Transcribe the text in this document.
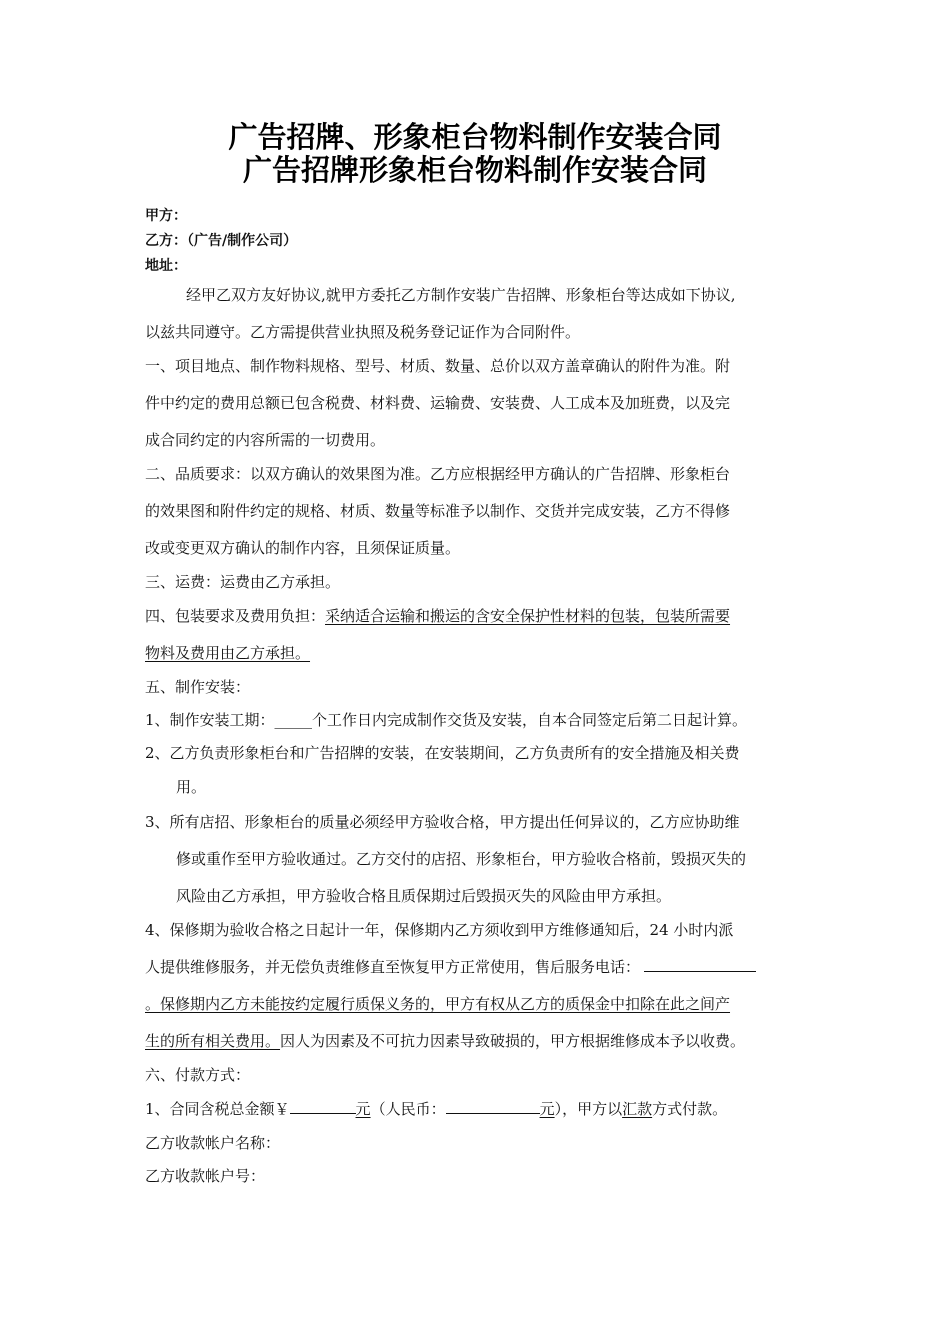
广告招牌、形象柜台物料制作安装合同
广告招牌形象柜台物料制作安装合同
甲方：
乙方：（广告/制作公司）
地址：
经甲乙双方友好协议,就甲方委托乙方制作安装广告招牌、形象柜台等达成如下协议,
以兹共同遵守。乙方需提供营业执照及税务登记证作为合同附件。
一、项目地点、制作物料规格、型号、材质、数量、总价以双方盖章确认的附件为准。附
件中约定的费用总额已包含税费、材料费、运输费、安装费、人工成本及加班费，以及完
成合同约定的内容所需的一切费用。
二、品质要求：以双方确认的效果图为准。乙方应根据经甲方确认的广告招牌、形象柜台
的效果图和附件约定的规格、材质、数量等标准予以制作、交货并完成安装，乙方不得修
改或变更双方确认的制作内容，且须保证质量。
三、运费：运费由乙方承担。
四、包装要求及费用负担：采纳适合运输和搬运的含安全保护性材料的包装，包装所需要
物料及费用由乙方承担。
五、制作安装：
1、制作安装工期：_____个工作日内完成制作交货及安装，自本合同签定后第二日起计算。
2、乙方负责形象柜台和广告招牌的安装，在安装期间，乙方负责所有的安全措施及相关费
用。
3、所有店招、形象柜台的质量必须经甲方验收合格，甲方提出任何异议的，乙方应协助维
修或重作至甲方验收通过。乙方交付的店招、形象柜台，甲方验收合格前，毁损灭失的
风险由乙方承担，甲方验收合格且质保期过后毁损灭失的风险由甲方承担。
4、保修期为验收合格之日起计一年，保修期内乙方须收到甲方维修通知后，24 小时内派
人提供维修服务，并无偿负责维修直至恢复甲方正常使用，售后服务电话：
。保修期内乙方未能按约定履行质保义务的，甲方有权从乙方的质保金中扣除在此之间产
生的所有相关费用。因人为因素及不可抗力因素导致破损的，甲方根据维修成本予以收费。
六、付款方式：
1、合同含税总金额￥	元（人民币：	元），甲方以汇款方式付款。
乙方收款帐户名称：
乙方收款帐户号：
